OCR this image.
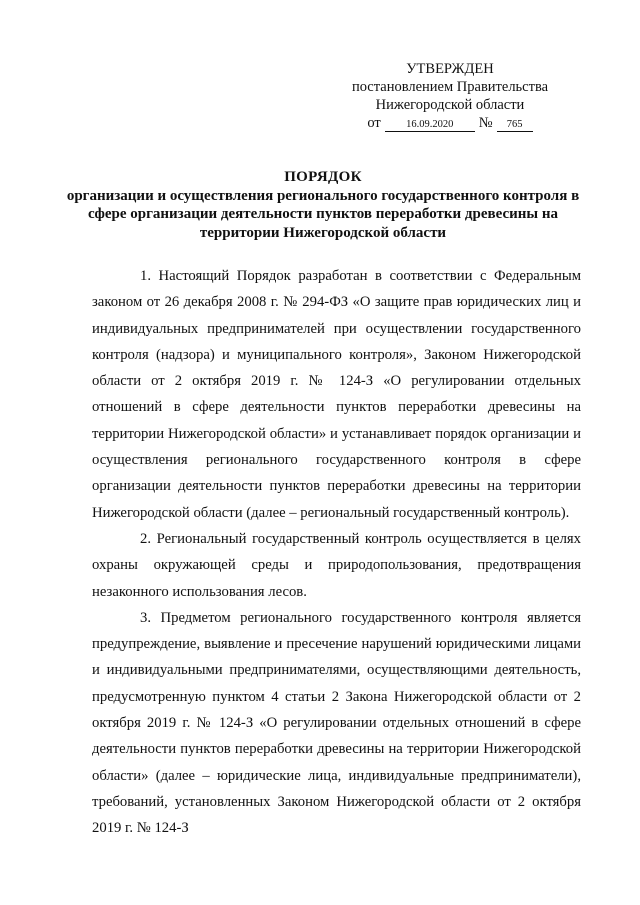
УТВЕРЖДЕН
постановлением Правительства
Нижегородской области
от	16.09.2020	№	765
ПОРЯДОК
организации и осуществления регионального государственного контроля в сфере организации деятельности пунктов переработки древесины на территории Нижегородской области

1. Настоящий Порядок разработан в соответствии с Федеральным законом от 26 декабря 2008 г. № 294-ФЗ «О защите прав юридических лиц и индивидуальных предпринимателей при осуществлении государственного контроля (надзора) и муниципального контроля», Законом Нижегородской области от 2 октября 2019 г. № 124-З «О регулировании отдельных отношений в сфере деятельности пунктов переработки древесины на территории Нижегородской области» и устанавливает порядок организации и осуществления регионального государственного контроля в сфере организации деятельности пунктов переработки древесины на территории Нижегородской области (далее – региональный государственный контроль).

2. Региональный государственный контроль осуществляется в целях охраны окружающей среды и природопользования, предотвращения незаконного использования лесов.

3. Предметом регионального государственного контроля является предупреждение, выявление и пресечение нарушений юридическими лицами и индивидуальными предпринимателями, осуществляющими деятельность, предусмотренную пунктом 4 статьи 2 Закона Нижегородской области от 2 октября 2019 г. № 124-З «О регулировании отдельных отношений в сфере деятельности пунктов переработки древесины на территории Нижегородской области» (далее – юридические лица, индивидуальные предприниматели), требований, установленных Законом Нижегородской области от 2 октября 2019 г. № 124-З
